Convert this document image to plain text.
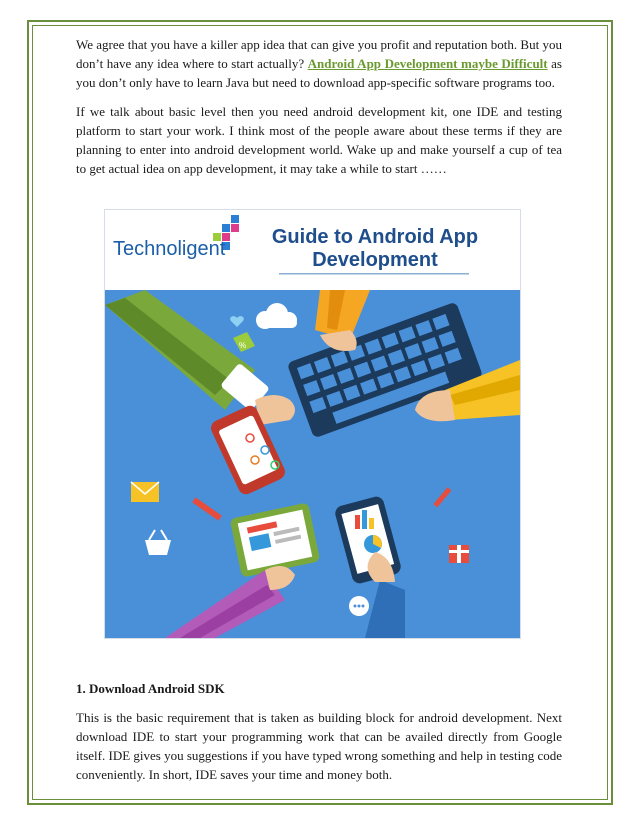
We agree that you have a killer app idea that can give you profit and reputation both. But you don’t have any idea where to start actually? Android App Development maybe Difficult as you don’t only have to learn Java but need to download app-specific software programs too.

If we talk about basic level then you need android development kit, one IDE and testing platform to start your work. I think most of the people aware about these terms if they are planning to enter into android development world. Wake up and make yourself a cup of tea to get actual idea on app development, it may take a while to start ……

Technoligent
Guide to Android App
Development
%
1. Download Android SDK

This is the basic requirement that is taken as building block for android development. Next download IDE to start your programming work that can be availed directly from Google itself. IDE gives you suggestions if you have typed wrong something and help in testing code conveniently. In short, IDE saves your time and money both.
